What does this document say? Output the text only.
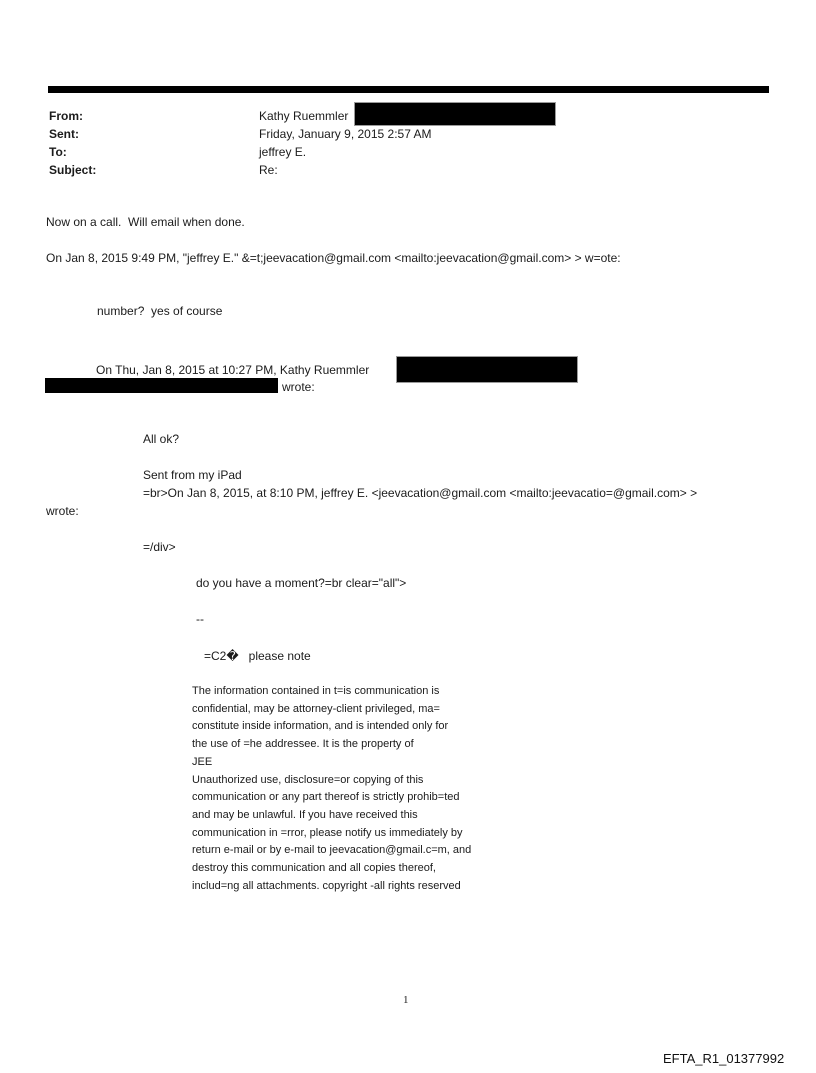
From:	Kathy Ruemmler
Sent:	Friday, January 9, 2015 2:57 AM
To:	jeffrey E.
Subject:	Re:
Now on a call.  Will email when done.
On Jan 8, 2015 9:49 PM, "jeffrey E." &=t;jeevacation@gmail.com <mailto:jeevacation@gmail.com> > w=ote:
number?  yes of course
On Thu, Jan 8, 2015 at 10:27 PM, Kathy Ruemmler
wrote:
All ok?
Sent from my iPad
=br>On Jan 8, 2015, at 8:10 PM, jeffrey E. <jeevacation@gmail.com <mailto:jeevacatio=@gmail.com> >
wrote:
=/div>
do you have a moment?=br clear="all">
--
=C2�   please note
The information contained in t=is communication is
confidential, may be attorney-client privileged, ma=
constitute inside information, and is intended only for
the use of =he addressee. It is the property of
JEE
Unauthorized use, disclosure=or copying of this
communication or any part thereof is strictly prohib=ted
and may be unlawful. If you have received this
communication in =rror, please notify us immediately by
return e-mail or by e-mail to jeevacation@gmail.c=m, and
destroy this communication and all copies thereof,
includ=ng all attachments. copyright -all rights reserved
1
EFTA_R1_01377992
